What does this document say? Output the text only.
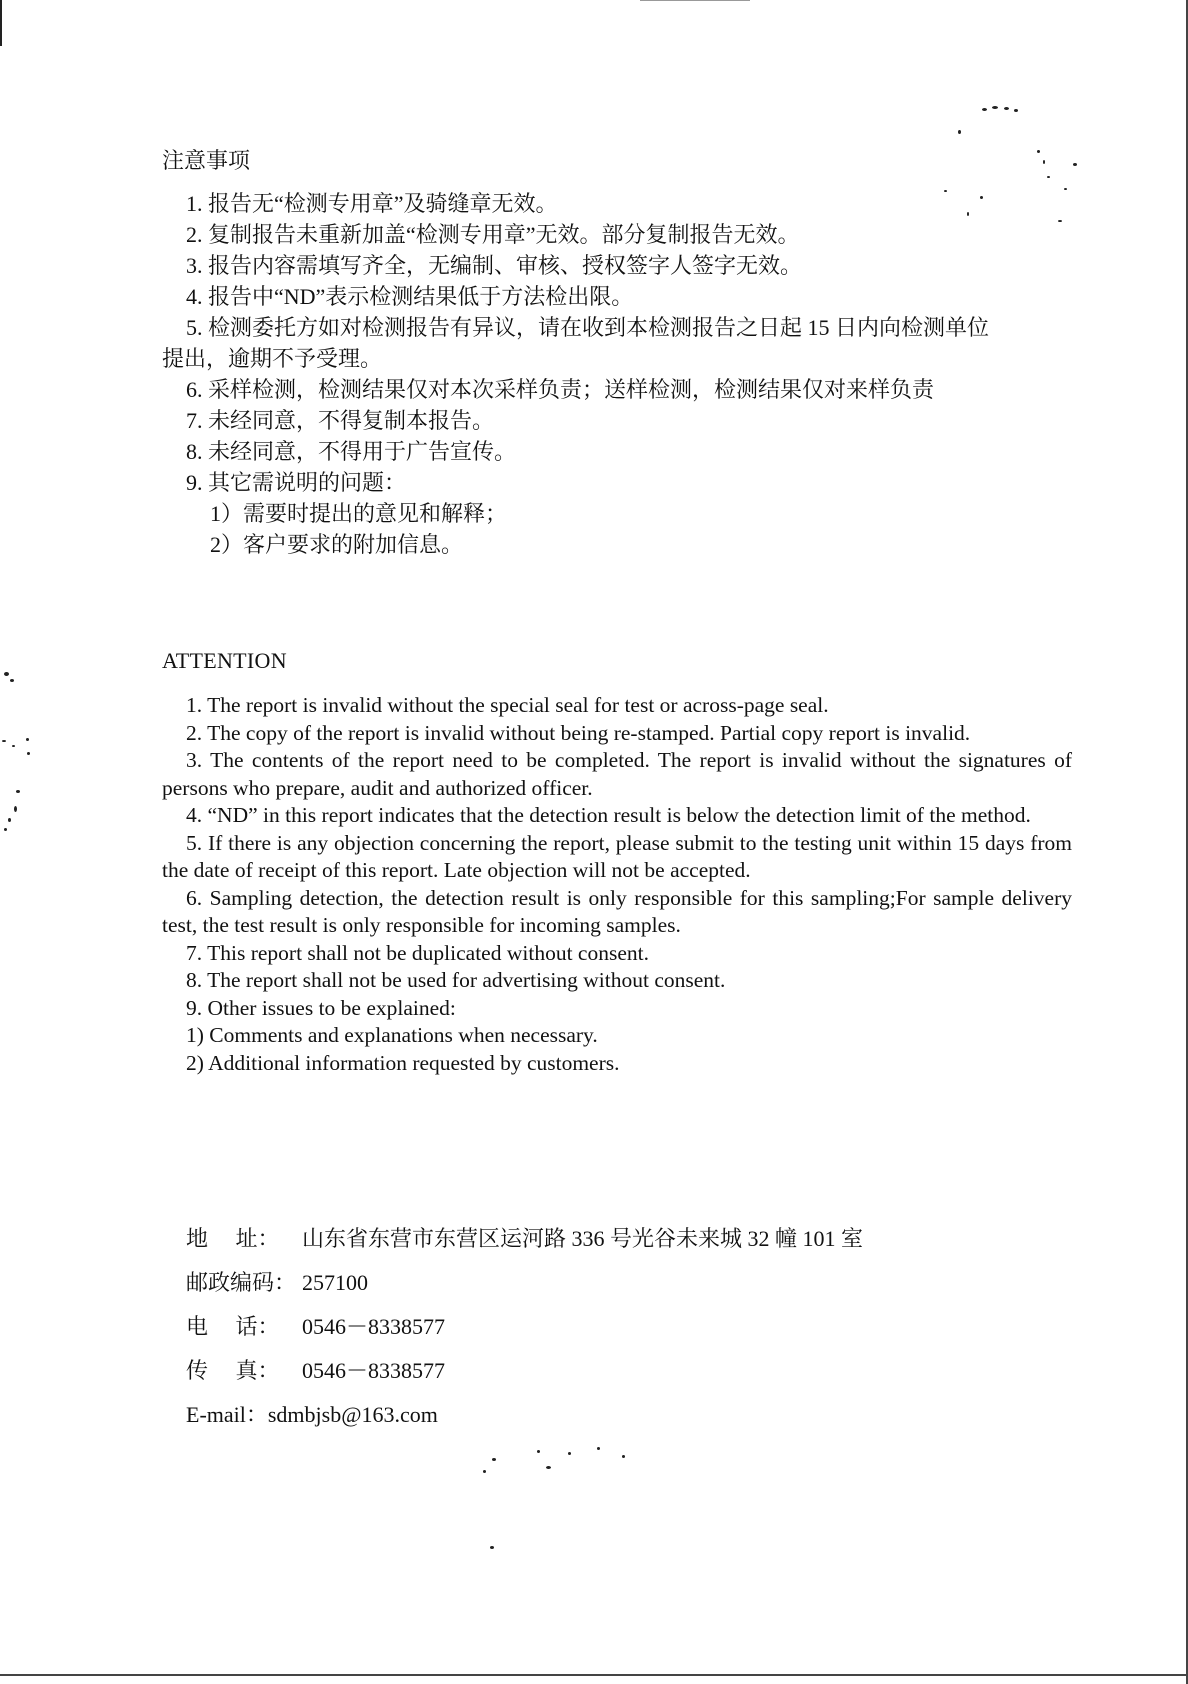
注意事项
1. 报告无“检测专用章”及骑缝章无效。
2. 复制报告未重新加盖“检测专用章”无效。部分复制报告无效。
3. 报告内容需填写齐全，无编制、审核、授权签字人签字无效。
4. 报告中“ND”表示检测结果低于方法检出限。
5. 检测委托方如对检测报告有异议，请在收到本检测报告之日起 15 日内向检测单位
提出，逾期不予受理。
6. 采样检测，检测结果仅对本次采样负责；送样检测，检测结果仅对来样负责
7. 未经同意，不得复制本报告。
8. 未经同意，不得用于广告宣传。
9. 其它需说明的问题：
1）需要时提出的意见和解释；
2）客户要求的附加信息。
ATTENTION
1. The report is invalid without the special seal for test or across-page seal.
2. The copy of the report is invalid without being re-stamped. Partial copy report is invalid.
3. The contents of the report need to be completed. The report is invalid without the signatures of persons who prepare, audit and authorized officer.
4. “ND” in this report indicates that the detection result is below the detection limit of the method.
5. If there is any objection concerning the report, please submit to the testing unit within 15 days from the date of receipt of this report. Late objection will not be accepted.
6. Sampling detection, the detection result is only responsible for this sampling;For sample delivery test, the test result is only responsible for incoming samples.
7. This report shall not be duplicated without consent.
8. The report shall not be used for advertising without consent.
9. Other issues to be explained:
1) Comments and explanations when necessary.
2) Additional information requested by customers.
地     址： 山东省东营市东营区运河路 336 号光谷未来城 32 幢 101 室
邮政编码： 257100
电     话： 0546－8338577
传     真： 0546－8338577
E-mail：sdmbjsb@163.com
